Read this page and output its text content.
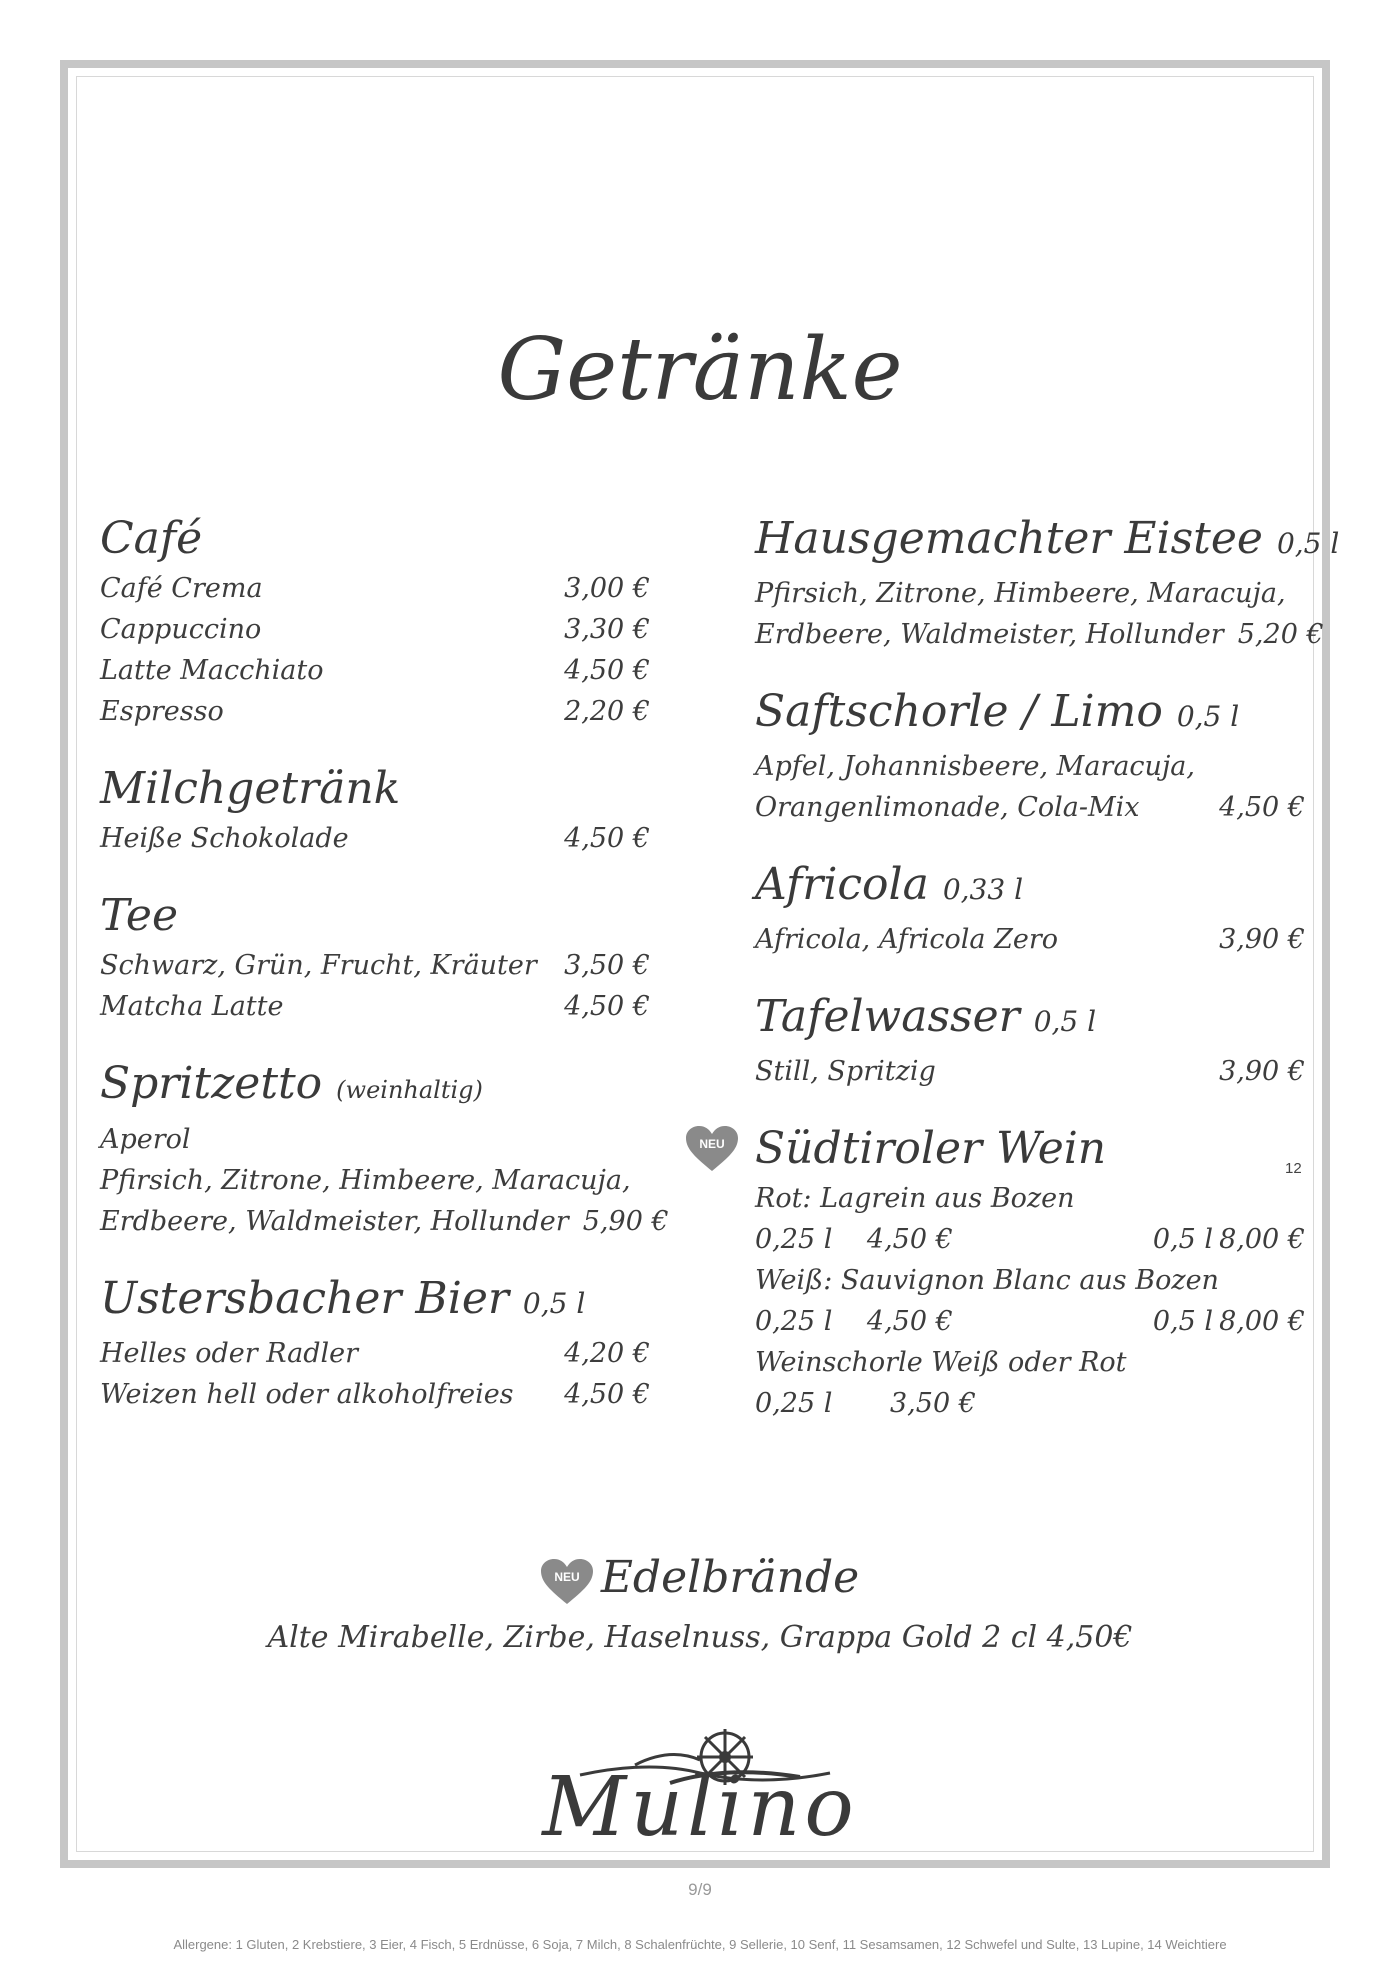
Getränke
Café
Café Crema	3,00 €
Cappuccino	3,30 €
Latte Macchiato	4,50 €
Espresso	2,20 €
Milchgetränk
Heiße Schokolade	4,50 €
Tee
Schwarz, Grün, Frucht, Kräuter	3,50 €
Matcha Latte	4,50 €
Spritzetto (weinhaltig)
Aperol
Pfirsich, Zitrone, Himbeere, Maracuja,
Erdbeere, Waldmeister, Hollunder 5,90 €
Ustersbacher Bier 0,5 l
Helles oder Radler	4,20 €
Weizen hell oder alkoholfreies	4,50 €
Hausgemachter Eistee 0,5 l
Pfirsich, Zitrone, Himbeere, Maracuja,
Erdbeere, Waldmeister, Hollunder 5,20 €
Saftschorle / Limo 0,5 l
Apfel, Johannisbeere, Maracuja,
Orangenlimonade, Cola-Mix	4,50 €
Africola 0,33 l
Africola, Africola Zero	3,90 €
Tafelwasser 0,5 l
Still, Spritzig	3,90 €
Südtiroler Wein
Rot: Lagrein aus Bozen
0,25 l	4,50 €	0,5 l 8,00 €
Weiß: Sauvignon Blanc aus Bozen
0,25 l	4,50 €	0,5 l 8,00 €
Weinschorle Weiß oder Rot
0,25 l	3,50 €
NEU
12
Edelbrände
NEU
Alte Mirabelle, Zirbe, Haselnuss, Grappa Gold 2 cl 4,50€
Mulino
9/9
Allergene: 1 Gluten, 2 Krebstiere, 3 Eier, 4 Fisch, 5 Erdnüsse, 6 Soja, 7 Milch, 8 Schalenfrüchte, 9 Sellerie, 10 Senf, 11 Sesamsamen, 12 Schwefel und Sulte, 13 Lupine, 14 Weichtiere
